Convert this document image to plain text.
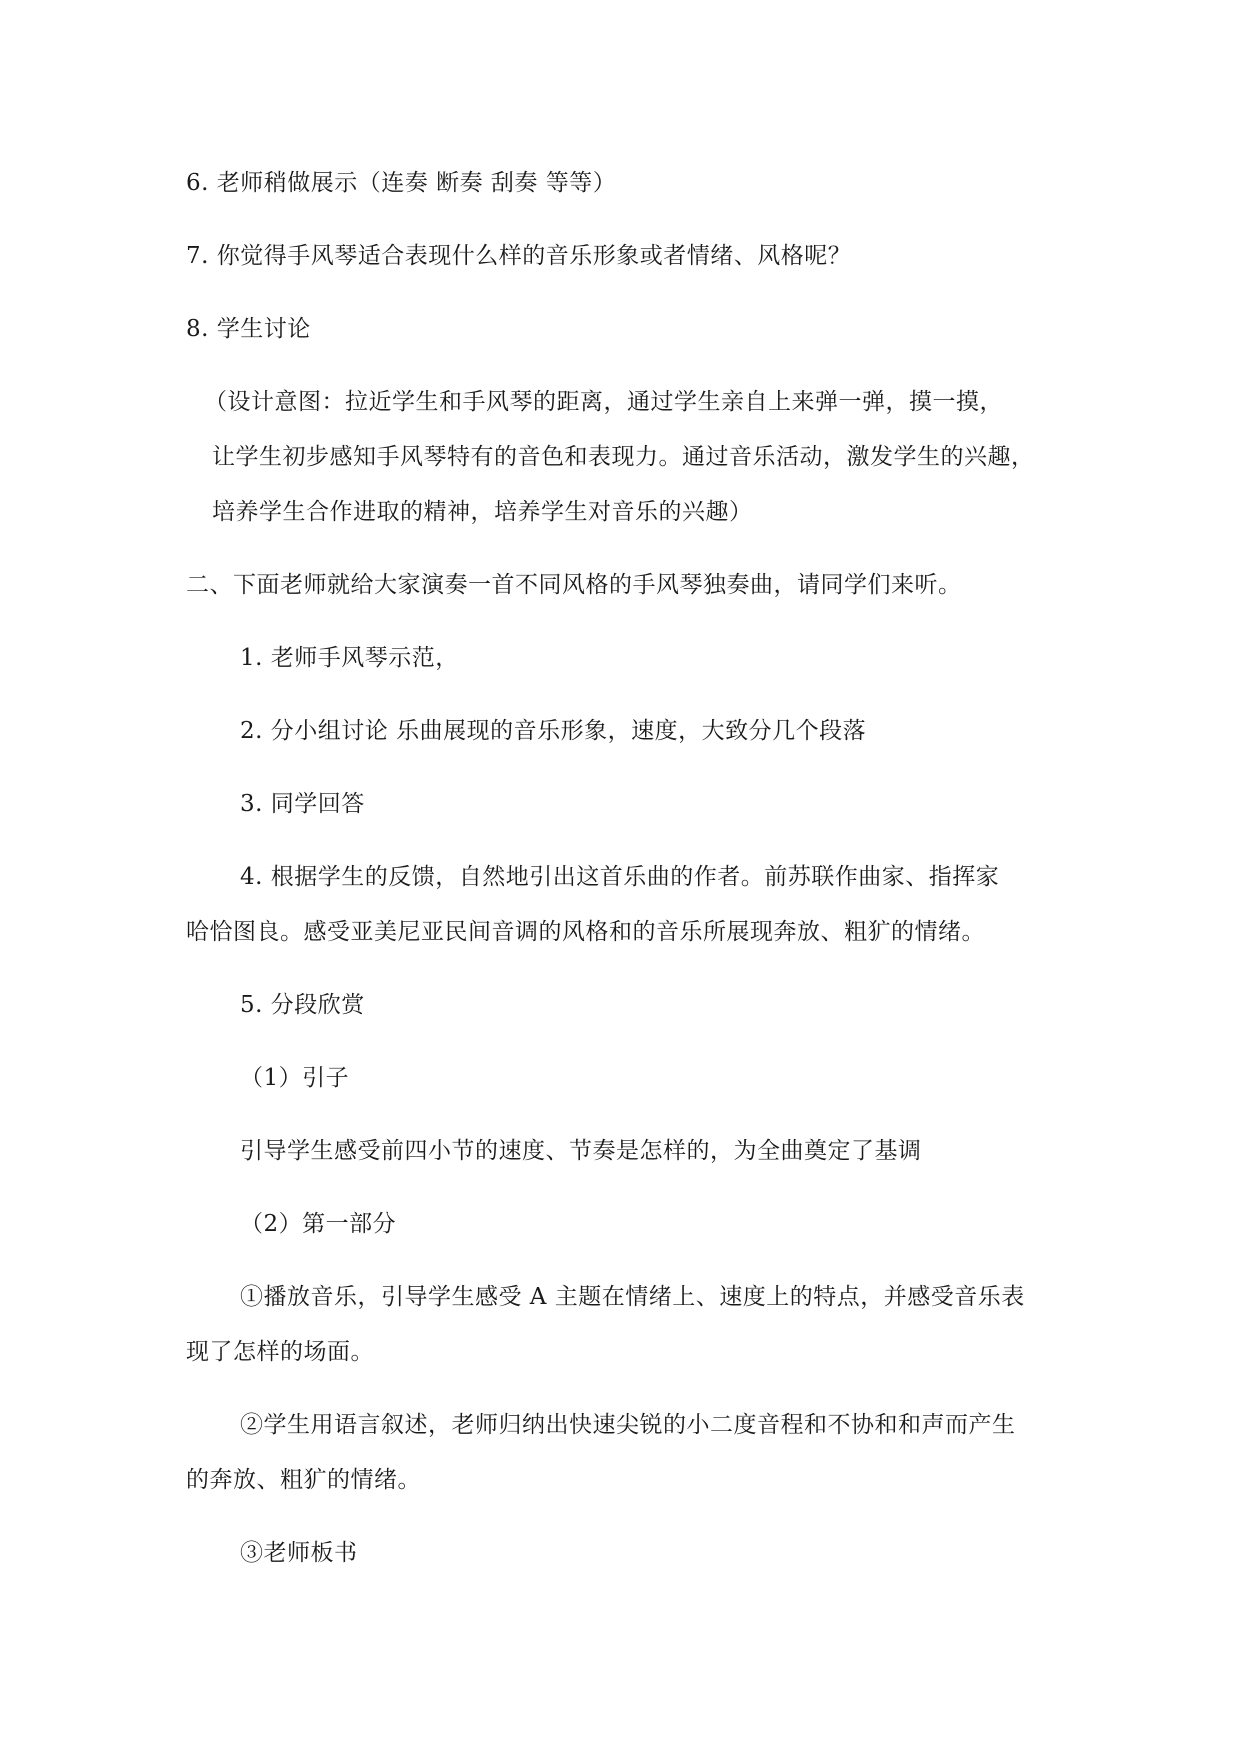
6. 老师稍做展示（连奏 断奏 刮奏 等等）
7. 你觉得手风琴适合表现什么样的音乐形象或者情绪、风格呢？
8. 学生讨论
（设计意图：拉近学生和手风琴的距离，通过学生亲自上来弹一弹，摸一摸，
让学生初步感知手风琴特有的音色和表现力。通过音乐活动，激发学生的兴趣，
培养学生合作进取的精神，培养学生对音乐的兴趣）
二、下面老师就给大家演奏一首不同风格的手风琴独奏曲，请同学们来听。
1. 老师手风琴示范，
2. 分小组讨论 乐曲展现的音乐形象，速度，大致分几个段落
3. 同学回答
4. 根据学生的反馈，自然地引出这首乐曲的作者。前苏联作曲家、指挥家
哈恰图良。感受亚美尼亚民间音调的风格和的音乐所展现奔放、粗犷的情绪。
5. 分段欣赏
（1）引子
引导学生感受前四小节的速度、节奏是怎样的，为全曲奠定了基调
（2）第一部分
①播放音乐，引导学生感受 A 主题在情绪上、速度上的特点，并感受音乐表
现了怎样的场面。
②学生用语言叙述，老师归纳出快速尖锐的小二度音程和不协和和声而产生
的奔放、粗犷的情绪。
③老师板书
